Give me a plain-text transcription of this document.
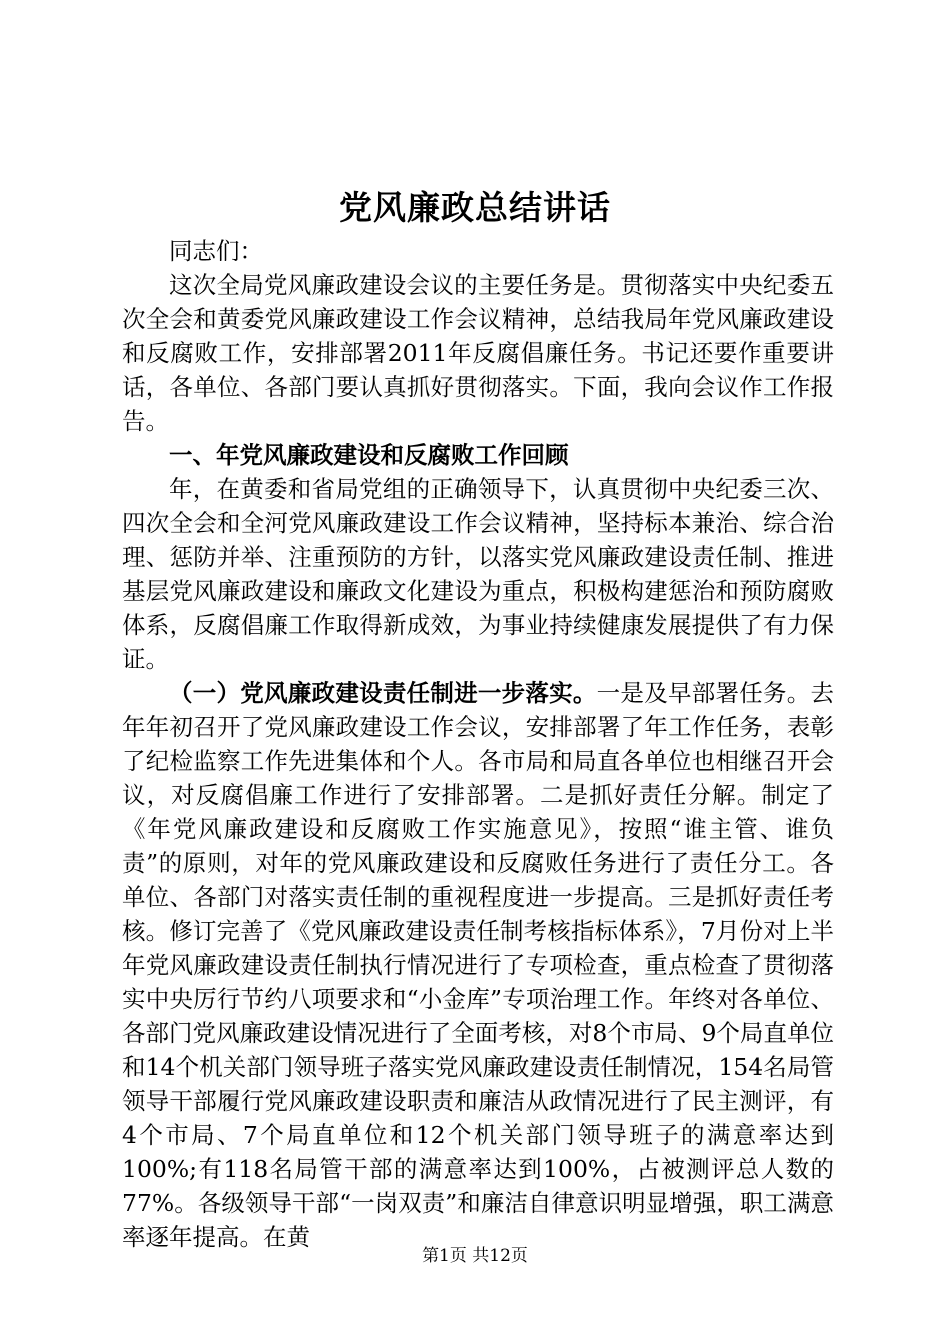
党风廉政总结讲话

同志们：

这次全局党风廉政建设会议的主要任务是。贯彻落实中央纪委五次全会和黄委党风廉政建设工作会议精神，总结我局年党风廉政建设和反腐败工作，安排部署2011年反腐倡廉任务。书记还要作重要讲话，各单位、各部门要认真抓好贯彻落实。下面，我向会议作工作报告。

一、年党风廉政建设和反腐败工作回顾

年，在黄委和省局党组的正确领导下，认真贯彻中央纪委三次、四次全会和全河党风廉政建设工作会议精神，坚持标本兼治、综合治理、惩防并举、注重预防的方针，以落实党风廉政建设责任制、推进基层党风廉政建设和廉政文化建设为重点，积极构建惩治和预防腐败体系，反腐倡廉工作取得新成效，为事业持续健康发展提供了有力保证。

（一）党风廉政建设责任制进一步落实。一是及早部署任务。去年年初召开了党风廉政建设工作会议，安排部署了年工作任务，表彰了纪检监察工作先进集体和个人。各市局和局直各单位也相继召开会议，对反腐倡廉工作进行了安排部署。二是抓好责任分解。制定了《年党风廉政建设和反腐败工作实施意见》，按照“谁主管、谁负责”的原则，对年的党风廉政建设和反腐败任务进行了责任分工。各单位、各部门对落实责任制的重视程度进一步提高。三是抓好责任考核。修订完善了《党风廉政建设责任制考核指标体系》，7月份对上半年党风廉政建设责任制执行情况进行了专项检查，重点检查了贯彻落实中央厉行节约八项要求和“小金库”专项治理工作。年终对各单位、各部门党风廉政建设情况进行了全面考核，对8个市局、9个局直单位和14个机关部门领导班子落实党风廉政建设责任制情况，154名局管领导干部履行党风廉政建设职责和廉洁从政情况进行了民主测评，有4个市局、7个局直单位和12个机关部门领导班子的满意率达到100%;有118名局管干部的满意率达到100%，占被测评总人数的77%。各级领导干部“一岗双责”和廉洁自律意识明显增强，职工满意率逐年提高。在黄

第1页 共12页
